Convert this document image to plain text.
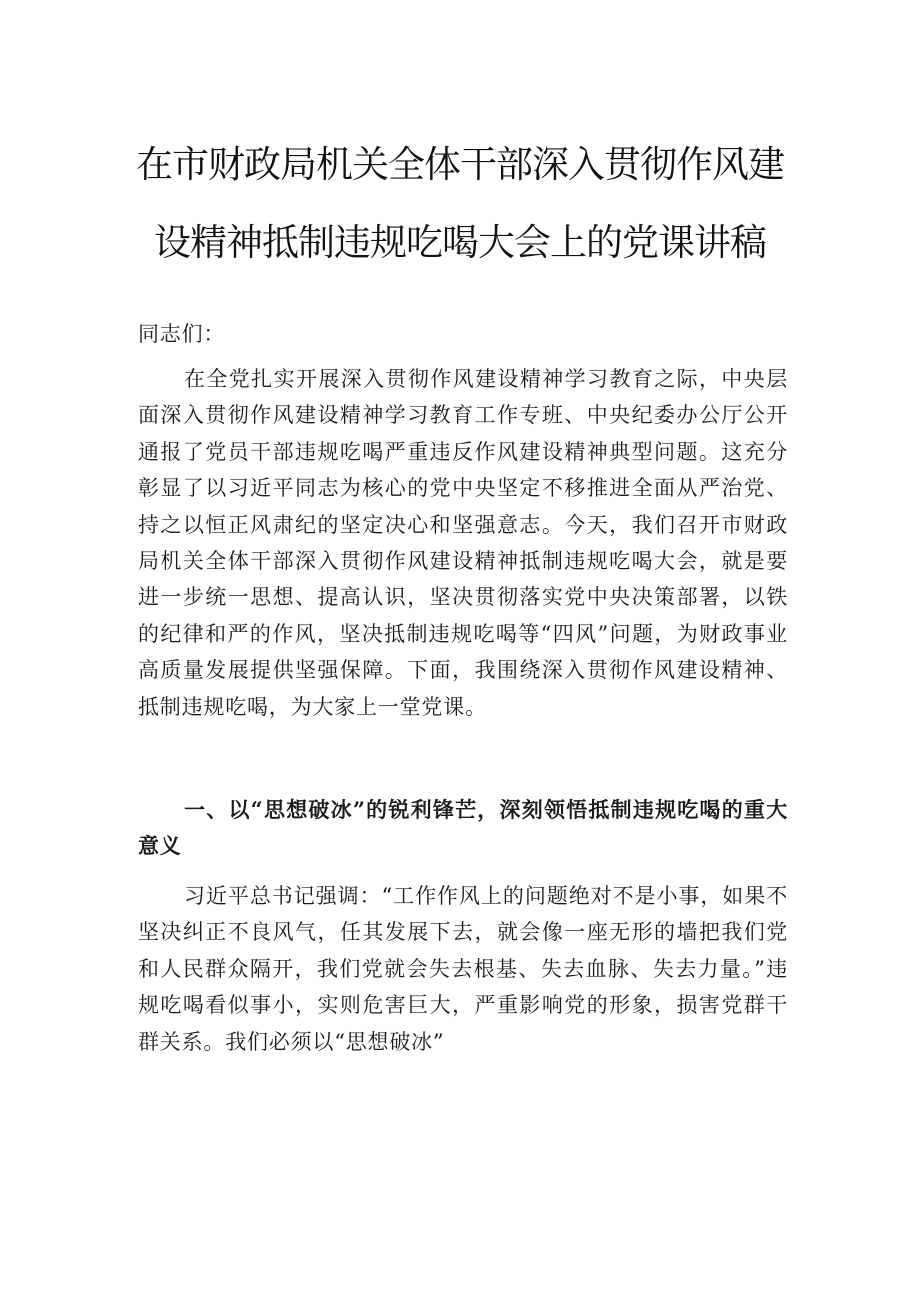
在市财政局机关全体干部深入贯彻作风建
设精神抵制违规吃喝大会上的党课讲稿

同志们：

在全党扎实开展深入贯彻作风建设精神学习教育之际，中央层面深入贯彻作风建设精神学习教育工作专班、中央纪委办公厅公开通报了党员干部违规吃喝严重违反作风建设精神典型问题。这充分彰显了以习近平同志为核心的党中央坚定不移推进全面从严治党、持之以恒正风肃纪的坚定决心和坚强意志。今天，我们召开市财政局机关全体干部深入贯彻作风建设精神抵制违规吃喝大会，就是要进一步统一思想、提高认识，坚决贯彻落实党中央决策部署，以铁的纪律和严的作风，坚决抵制违规吃喝等“四风”问题，为财政事业高质量发展提供坚强保障。下面，我围绕深入贯彻作风建设精神、抵制违规吃喝，为大家上一堂党课。

一、以“思想破冰”的锐利锋芒，深刻领悟抵制违规吃喝的重大意义

习近平总书记强调：“工作作风上的问题绝对不是小事，如果不坚决纠正不良风气，任其发展下去，就会像一座无形的墙把我们党和人民群众隔开，我们党就会失去根基、失去血脉、失去力量。”违规吃喝看似事小，实则危害巨大，严重影响党的形象，损害党群干群关系。我们必须以“思想破冰”
